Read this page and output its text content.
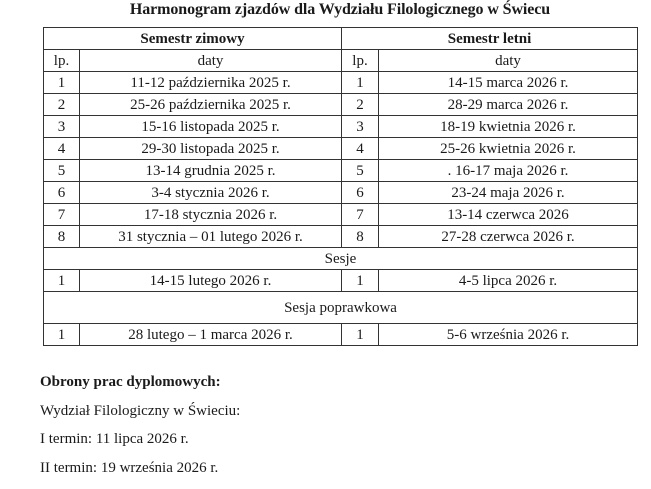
Harmonogram zjazdów dla Wydziału Filologicznego w Świecu
Semestr zimowy		Semestr letni	
lp.	daty	lp.	daty
1	11-12 października 2025 r.	1	14-15 marca 2026 r.
2	25-26 października 2025 r.	2	28-29 marca 2026 r.
3	15-16 listopada 2025 r.	3	18-19 kwietnia 2026 r.
4	29-30 listopada 2025 r.	4	25-26 kwietnia 2026 r.
5	13-14 grudnia 2025 r.	5	. 16-17 maja 2026 r.
6	3-4 stycznia 2026 r.	6	23-24 maja 2026 r.
7	17-18 stycznia 2026 r.	7	13-14 czerwca 2026
8	31 stycznia – 01 lutego 2026 r.	8	27-28 czerwca 2026 r.
Sesje			
1	14-15 lutego 2026 r.	1	4-5 lipca 2026 r.
Sesja poprawkowa			
1	28 lutego – 1 marca 2026 r.	1	5-6 września 2026 r.
Obrony prac dyplomowych:
Wydział Filologiczny w Świeciu:
I termin: 11 lipca 2026 r.
II termin: 19 września 2026 r.
